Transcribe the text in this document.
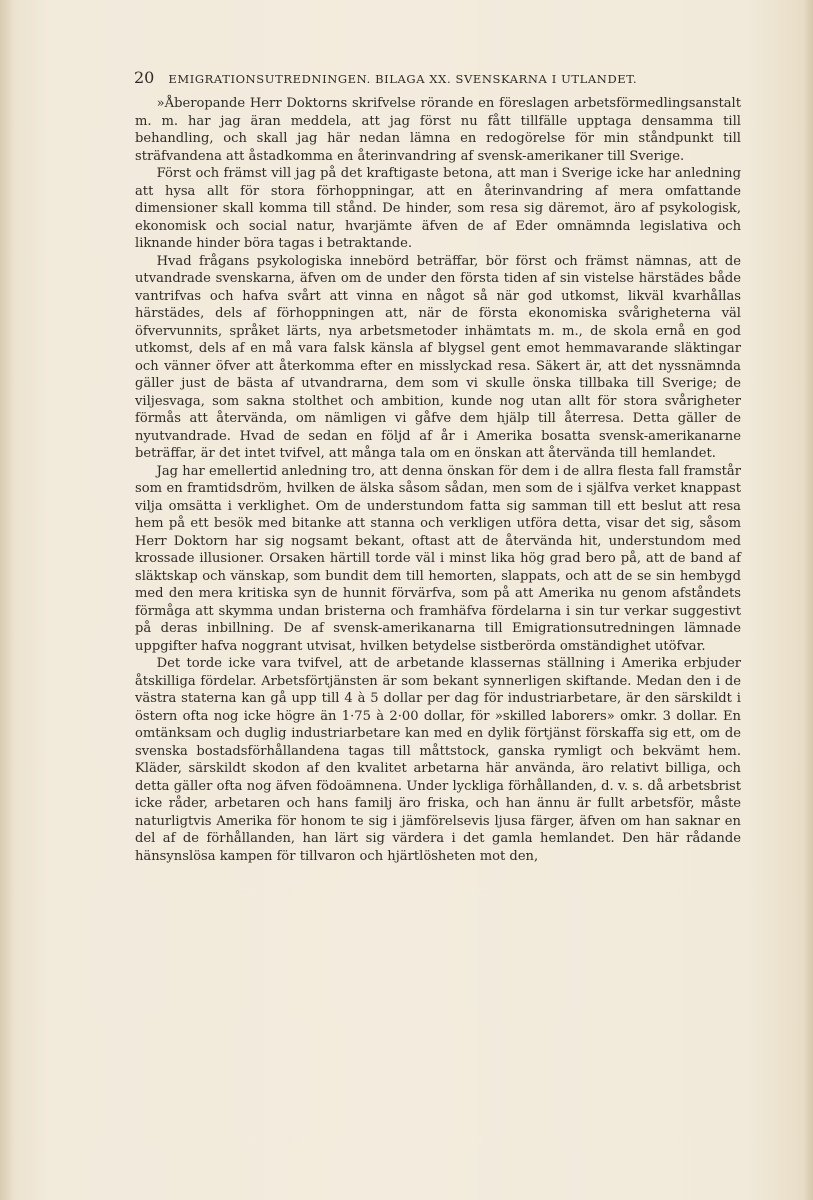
20 EMIGRATIONSUTREDNINGEN. BILAGA XX. SVENSKARNA I UTLANDET.

»Åberopande Herr Doktorns skrifvelse rörande en föreslagen arbetsförmedlingsanstalt m. m. har jag äran meddela, att jag först nu fått tillfälle upptaga densamma till behandling, och skall jag här nedan lämna en redogörelse för min ståndpunkt till sträfvandena att åstadkomma en återinvandring af svensk-amerikaner till Sverige.

Först och främst vill jag på det kraftigaste betona, att man i Sverige icke har anledning att hysa allt för stora förhoppningar, att en återinvandring af mera omfattande dimensioner skall komma till stånd. De hinder, som resa sig däremot, äro af psykologisk, ekonomisk och social natur, hvarjämte äfven de af Eder omnämnda legislativa och liknande hinder böra tagas i betraktande.

Hvad frågans psykologiska innebörd beträffar, bör först och främst nämnas, att de utvandrade svenskarna, äfven om de under den första tiden af sin vistelse härstädes både vantrifvas och hafva svårt att vinna en något så när god utkomst, likväl kvarhållas härstädes, dels af förhoppningen att, när de första ekonomiska svårigheterna väl öfvervunnits, språket lärts, nya arbetsmetoder inhämtats m. m., de skola ernå en god utkomst, dels af en må vara falsk känsla af blygsel gent emot hemmavarande släktingar och vänner öfver att återkomma efter en misslyckad resa. Säkert är, att det nyssnämnda gäller just de bästa af utvandrarna, dem som vi skulle önska tillbaka till Sverige; de viljesvaga, som sakna stolthet och ambition, kunde nog utan allt för stora svårigheter förmås att återvända, om nämligen vi gåfve dem hjälp till återresa. Detta gäller de nyutvandrade. Hvad de sedan en följd af år i Amerika bosatta svensk-amerikanarne beträffar, är det intet tvifvel, att många tala om en önskan att återvända till hemlandet.

Jag har emellertid anledning tro, att denna önskan för dem i de allra flesta fall framstår som en framtidsdröm, hvilken de älska såsom sådan, men som de i själfva verket knappast vilja omsätta i verklighet. Om de understundom fatta sig samman till ett beslut att resa hem på ett besök med bitanke att stanna och verkligen utföra detta, visar det sig, såsom Herr Doktorn har sig nogsamt bekant, oftast att de återvända hit, understundom med krossade illusioner. Orsaken härtill torde väl i minst lika hög grad bero på, att de band af släktskap och vänskap, som bundit dem till hemorten, slappats, och att de se sin hembygd med den mera kritiska syn de hunnit förvärfva, som på att Amerika nu genom afståndets förmåga att skymma undan bristerna och framhäfva fördelarna i sin tur verkar suggestivt på deras inbillning. De af svensk-amerikanarna till Emigrationsutredningen lämnade uppgifter hafva noggrant utvisat, hvilken betydelse sistberörda omständighet utöfvar.

Det torde icke vara tvifvel, att de arbetande klassernas ställning i Amerika erbjuder åtskilliga fördelar. Arbetsförtjänsten är som bekant synnerligen skiftande. Medan den i de västra staterna kan gå upp till 4 à 5 dollar per dag för industriarbetare, är den särskildt i östern ofta nog icke högre än 1·75 à 2·00 dollar, för »skilled laborers» omkr. 3 dollar. En omtänksam och duglig industriarbetare kan med en dylik förtjänst förskaffa sig ett, om de svenska bostadsförhållandena tagas till måttstock, ganska rymligt och bekvämt hem. Kläder, särskildt skodon af den kvalitet arbetarna här använda, äro relativt billiga, och detta gäller ofta nog äfven födoämnena. Under lyckliga förhållanden, d. v. s. då arbetsbrist icke råder, arbetaren och hans familj äro friska, och han ännu är fullt arbetsför, måste naturligtvis Amerika för honom te sig i jämförelsevis ljusa färger, äfven om han saknar en del af de förhållanden, han lärt sig värdera i det gamla hemlandet. Den här rådande hänsynslösa kampen för tillvaron och hjärtlösheten mot den,
